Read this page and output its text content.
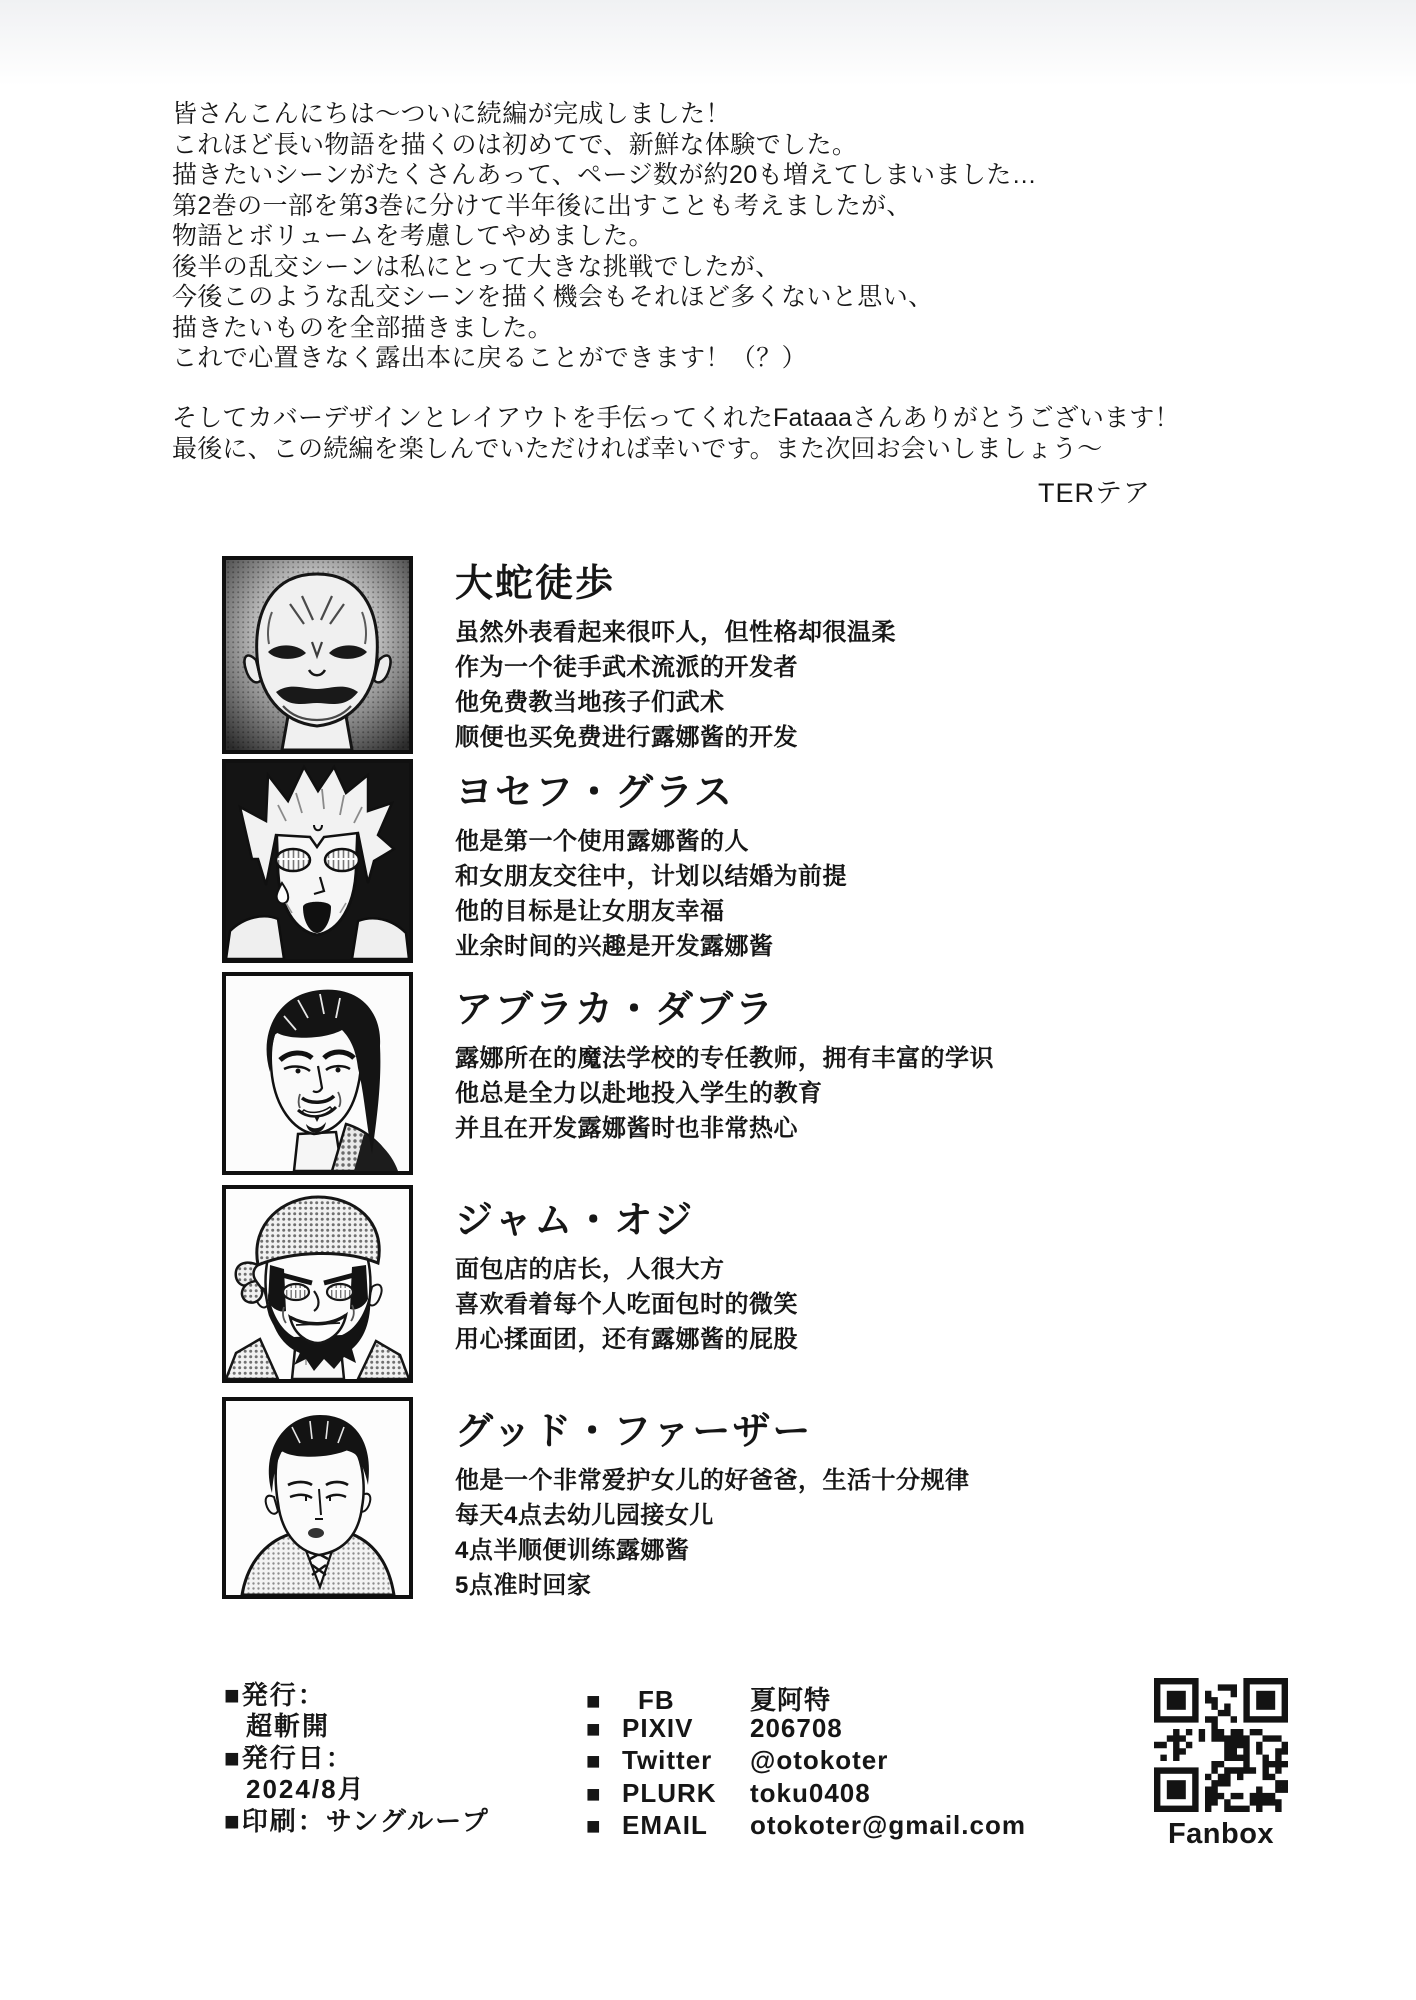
皆さんこんにちは～ついに続編が完成しました！
これほど長い物語を描くのは初めてで、新鮮な体験でした。
描きたいシーンがたくさんあって、ページ数が約20も増えてしまいました…
第2巻の一部を第3巻に分けて半年後に出すことも考えましたが、
物語とボリュームを考慮してやめました。
後半の乱交シーンは私にとって大きな挑戦でしたが、
今後このような乱交シーンを描く機会もそれほど多くないと思い、
描きたいものを全部描きました。
これで心置きなく露出本に戻ることができます！（？）
そしてカバーデザインとレイアウトを手伝ってくれたFataaaさんありがとうございます！
最後に、この続編を楽しんでいただければ幸いです。また次回お会いしましょう～
TERテア
大蛇徒歩
虽然外表看起来很吓人，但性格却很温柔
作为一个徒手武术流派的开发者
他免费教当地孩子们武术
顺便也买免费进行露娜酱的开发
ヨセフ・グラス
他是第一个使用露娜酱的人
和女朋友交往中，计划以结婚为前提
他的目标是让女朋友幸福
业余时间的兴趣是开发露娜酱
アブラカ・ダブラ
露娜所在的魔法学校的专任教师，拥有丰富的学识
他总是全力以赴地投入学生的教育
并且在开发露娜酱时也非常热心
ジャム・オジ
面包店的店长，人很大方
喜欢看着每个人吃面包时的微笑
用心揉面团，还有露娜酱的屁股
グッド・ファーザー
他是一个非常爱护女儿的好爸爸，生活十分规律
每天4点去幼儿园接女儿
4点半顺便训练露娜酱
5点准时回家
■発行：
超斬開
■発行日：
2024/8月
■印刷：サングループ
■	FB	夏阿特
■ PIXIV	206708
■ Twitter	@otokoter
■ PLURK	toku0408
■ EMAIL	otokoter@gmail.com	Fanbox
